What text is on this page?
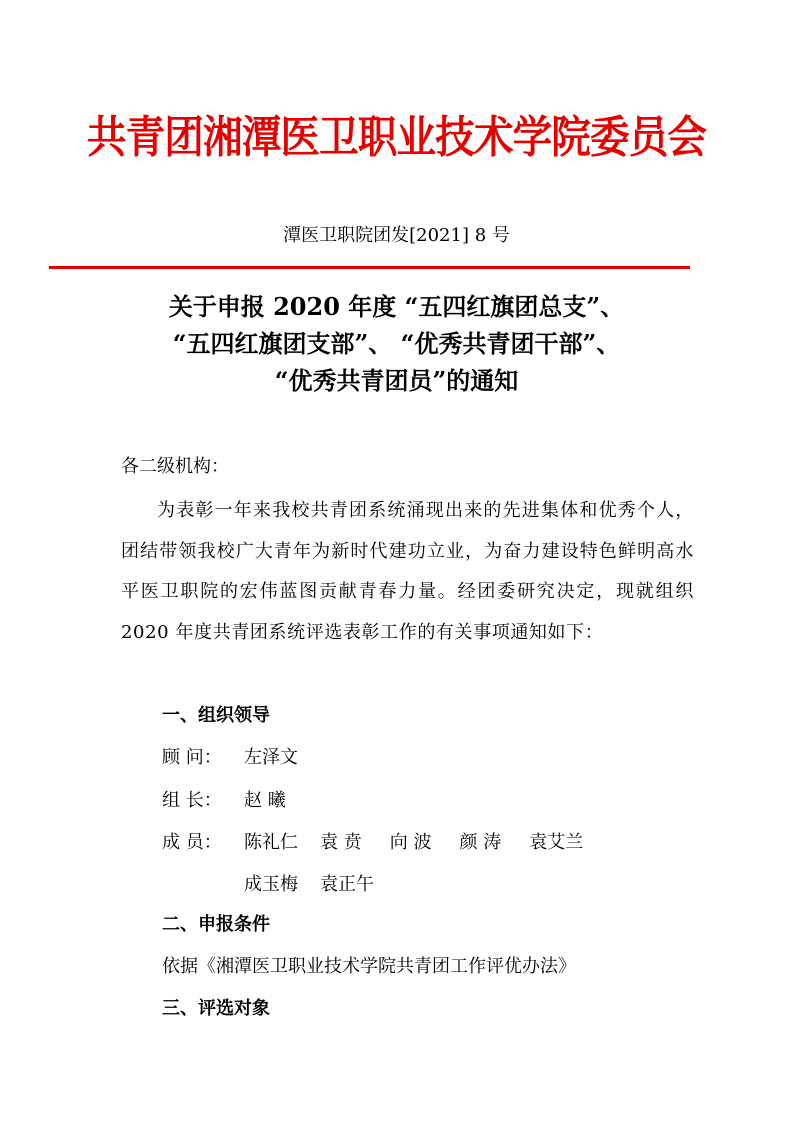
共青团湘潭医卫职业技术学院委员会
潭医卫职院团发[2021] 8 号
关于申报 2020 年度 “五四红旗团总支”、
“五四红旗团支部”、 “优秀共青团干部”、
“优秀共青团员”的通知
各二级机构：
为表彰一年来我校共青团系统涌现出来的先进集体和优秀个人，团结带领我校广大青年为新时代建功立业，为奋力建设特色鲜明高水平医卫职院的宏伟蓝图贡献青春力量。经团委研究决定，现就组织 2020 年度共青团系统评选表彰工作的有关事项通知如下：
一、组织领导
顾 问： 左泽文
组 长： 赵 曦
成 员： 陈礼仁 袁 贲 向 波 颜 涛 袁艾兰
成玉梅 袁正午
二、申报条件
依据《湘潭医卫职业技术学院共青团工作评优办法》
三、评选对象
